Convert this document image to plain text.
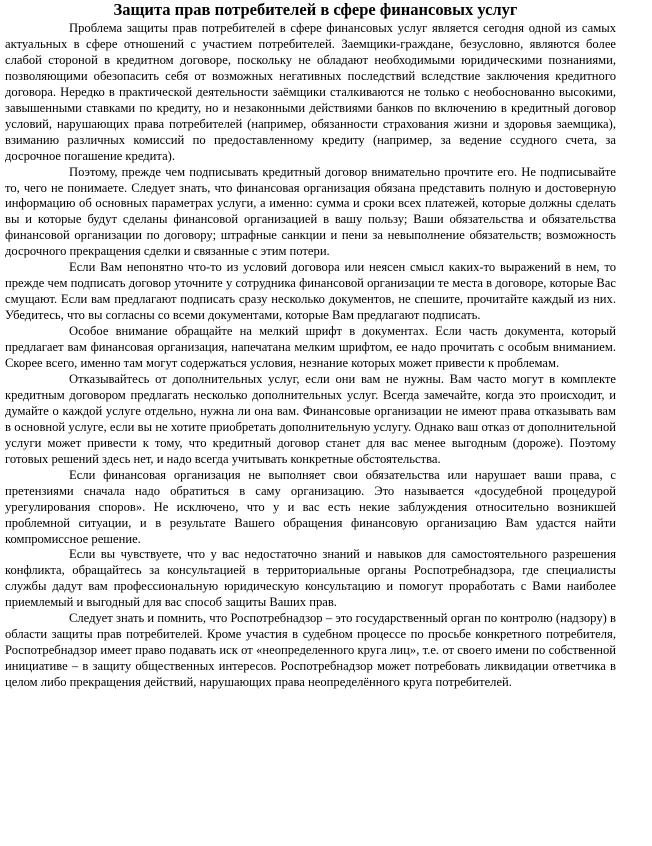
Защита прав потребителей в сфере финансовых услуг

Проблема защиты прав потребителей в сфере финансовых услуг является сегодня одной из самых актуальных в сфере отношений с участием потребителей. Заемщики-граждане, безусловно, являются более слабой стороной в кредитном договоре, поскольку не обладают необходимыми юридическими познаниями, позволяющими обезопасить себя от возможных негативных последствий вследствие заключения кредитного договора. Нередко в практической деятельности заёмщики сталкиваются не только с необоснованно высокими, завышенными ставками по кредиту, но и незаконными действиями банков по включению в кредитный договор условий, нарушающих права потребителей (например, обязанности страхования жизни и здоровья заемщика), взиманию различных комиссий по предоставленному кредиту (например, за ведение ссудного счета, за досрочное погашение кредита).

Поэтому, прежде чем подписывать кредитный договор внимательно прочтите его. Не подписывайте то, чего не понимаете. Следует знать, что финансовая организация обязана представить полную и достоверную информацию об основных параметрах услуги, а именно: сумма и сроки всех платежей, которые должны сделать вы и которые будут сделаны финансовой организацией в вашу пользу; Ваши обязательства и обязательства финансовой организации по договору; штрафные санкции и пени за невыполнение обязательств; возможность досрочного прекращения сделки и связанные с этим потери.

Если Вам непонятно что-то из условий договора или неясен смысл каких-то выражений в нем, то прежде чем подписать договор уточните у сотрудника финансовой организации те места в договоре, которые Вас смущают. Если вам предлагают подписать сразу несколько документов, не спешите, прочитайте каждый из них. Убедитесь, что вы согласны со всеми документами, которые Вам предлагают подписать.

Особое внимание обращайте на мелкий шрифт в документах. Если часть документа, который предлагает вам финансовая организация, напечатана мелким шрифтом, ее надо прочитать с особым вниманием. Скорее всего, именно там могут содержаться условия, незнание которых может привести к проблемам.

Отказывайтесь от дополнительных услуг, если они вам не нужны. Вам часто могут в комплекте кредитным договором предлагать несколько дополнительных услуг. Всегда замечайте, когда это происходит, и думайте о каждой услуге отдельно, нужна ли она вам. Финансовые организации не имеют права отказывать вам в основной услуге, если вы не хотите приобретать дополнительную услугу. Однако ваш отказ от дополнительной услуги может привести к тому, что кредитный договор станет для вас менее выгодным (дороже). Поэтому готовых решений здесь нет, и надо всегда учитывать конкретные обстоятельства.

Если финансовая организация не выполняет свои обязательства или нарушает ваши права, с претензиями сначала надо обратиться в саму организацию. Это называется «досудебной процедурой урегулирования споров». Не исключено, что у и вас есть некие заблуждения относительно возникшей проблемной ситуации, и в результате Вашего обращения финансовую организацию Вам удастся найти компромиссное решение.

Если вы чувствуете, что у вас недостаточно знаний и навыков для самостоятельного разрешения конфликта, обращайтесь за консультацией в территориальные органы Роспотребнадзора, где специалисты службы дадут вам профессиональную юридическую консультацию и помогут проработать с Вами наиболее приемлемый и выгодный для вас способ защиты Ваших прав.

Следует знать и помнить, что Роспотребнадзор – это государственный орган по контролю (надзору) в области защиты прав потребителей. Кроме участия в судебном процессе по просьбе конкретного потребителя, Роспотребнадзор имеет право подавать иск от «неопределенного круга лиц», т.е. от своего имени по собственной инициативе – в защиту общественных интересов. Роспотребнадзор может потребовать ликвидации ответчика в целом либо прекращения действий, нарушающих права неопределённого круга потребителей.
